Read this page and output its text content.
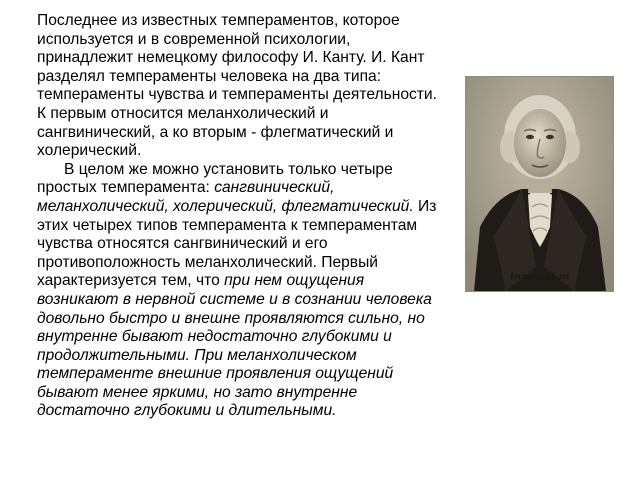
Последнее из известных темпераментов, которое используется и в современной психологии, принадлежит немецкому философу И. Канту. И. Кант разделял темпераменты человека на два типа: темпераменты чувства и темпераменты деятельности. К первым относится меланхолический и сангвинический, а ко вторым - флегматический и холерический.

В целом же можно установить только четыре простых темперамента: сангвинический, меланхолический, холерический, флегматический. Из этих четырех типов темперамента к темпераментам чувства относятся сангвинический и его противоположность меланхолический. Первый характеризуется тем, что при нем ощущения возникают в нервной системе и в сознании человека довольно быстро и внешне проявляются сильно, но внутренне бывают недостаточно глубокими и продолжительными. При меланхолическом темпераменте внешние проявления ощущений бывают менее яркими, но зато внутренне достаточно глубокими и длительными.

Immanuel Kant
